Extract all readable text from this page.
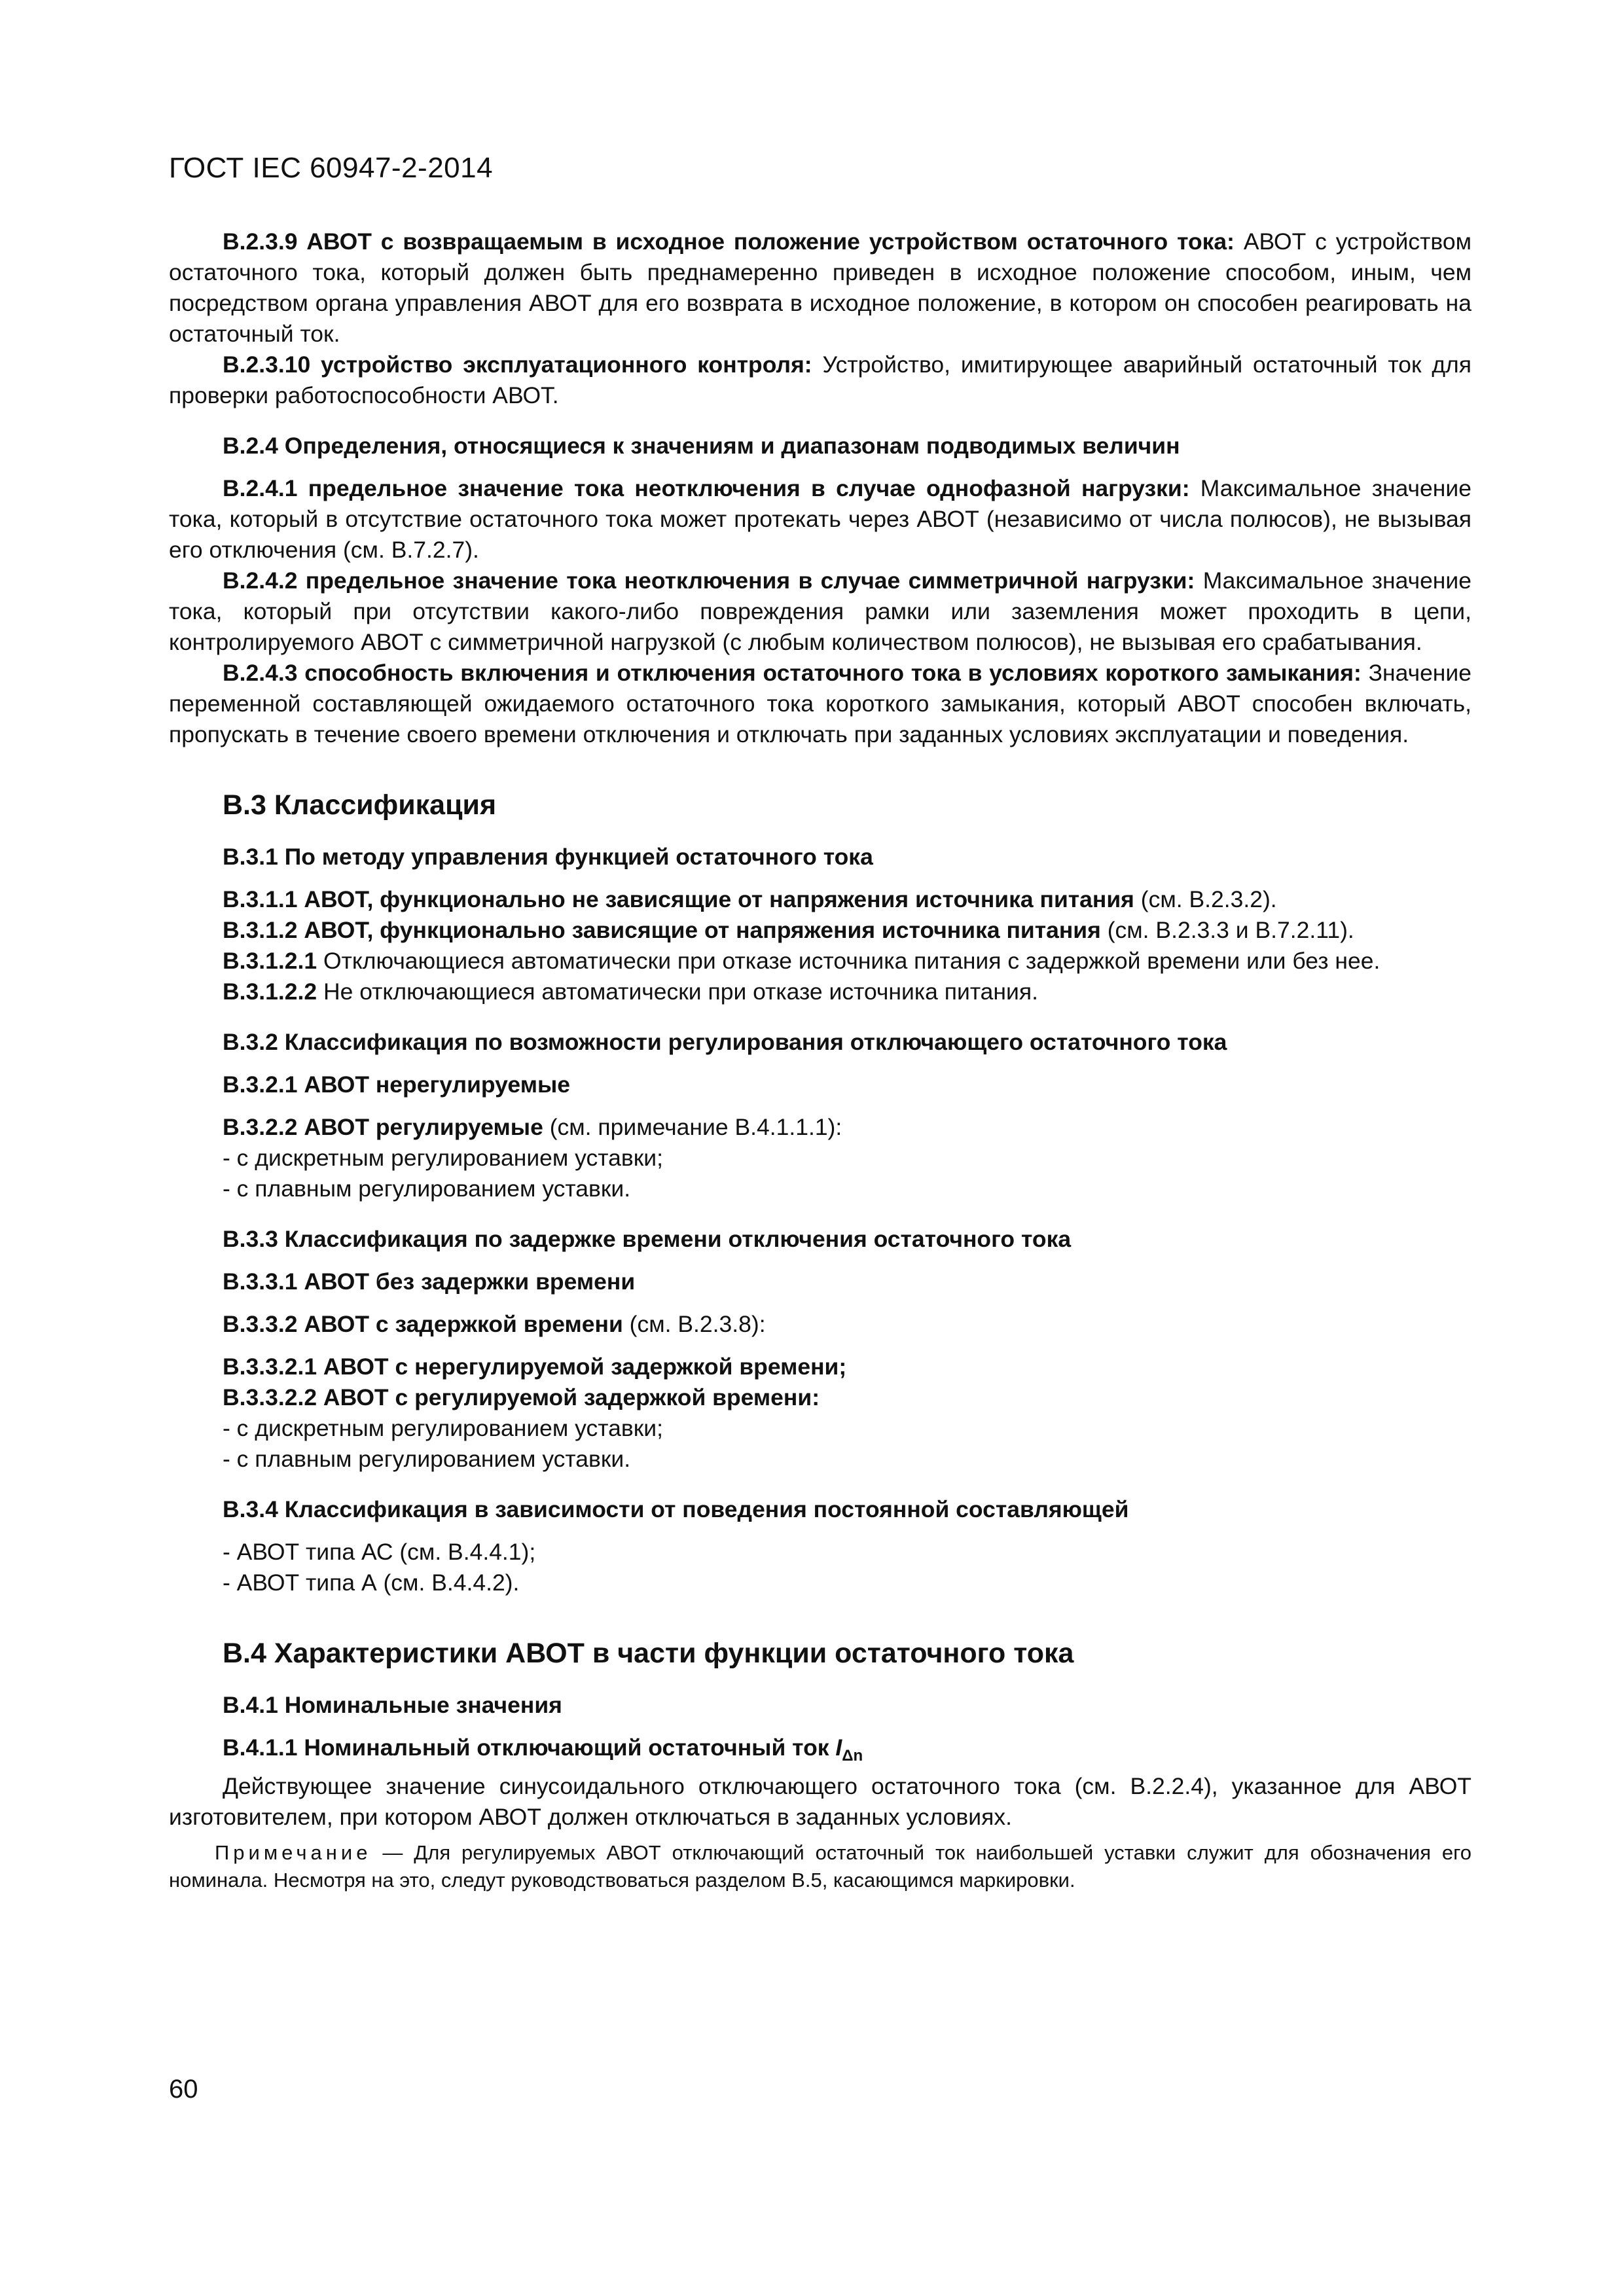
ГОСТ IEC 60947-2-2014

B.2.3.9 АВОТ с возвращаемым в исходное положение устройством остаточного тока: АВОТ с устройством остаточного тока, который должен быть преднамеренно приведен в исходное положение способом, иным, чем посредством органа управления АВОТ для его возврата в исходное положение, в котором он способен реагировать на остаточный ток.

B.2.3.10 устройство эксплуатационного контроля: Устройство, имитирующее аварийный остаточный ток для проверки работоспособности АВОТ.

B.2.4 Определения, относящиеся к значениям и диапазонам подводимых величин

B.2.4.1 предельное значение тока неотключения в случае однофазной нагрузки: Максимальное значение тока, который в отсутствие остаточного тока может протекать через АВОТ (независимо от числа полюсов), не вызывая его отключения (см. B.7.2.7).

B.2.4.2 предельное значение тока неотключения в случае симметричной нагрузки: Максимальное значение тока, который при отсутствии какого-либо повреждения рамки или заземления может проходить в цепи, контролируемого АВОТ с симметричной нагрузкой (с любым количеством полюсов), не вызывая его срабатывания.

B.2.4.3 способность включения и отключения остаточного тока в условиях короткого замыкания: Значение переменной составляющей ожидаемого остаточного тока короткого замыкания, который АВОТ способен включать, пропускать в течение своего времени отключения и отключать при заданных условиях эксплуатации и поведения.

B.3 Классификация

B.3.1 По методу управления функцией остаточного тока

B.3.1.1 АВОТ, функционально не зависящие от напряжения источника питания (см. B.2.3.2).

B.3.1.2 АВОТ, функционально зависящие от напряжения источника питания (см. B.2.3.3 и B.7.2.11).

B.3.1.2.1 Отключающиеся автоматически при отказе источника питания с задержкой времени или без нее.

B.3.1.2.2 Не отключающиеся автоматически при отказе источника питания.

B.3.2 Классификация по возможности регулирования отключающего остаточного тока

B.3.2.1 АВОТ нерегулируемые

B.3.2.2 АВОТ регулируемые (см. примечание B.4.1.1.1):

- с дискретным регулированием уставки;

- с плавным регулированием уставки.

B.3.3 Классификация по задержке времени отключения остаточного тока

B.3.3.1 АВОТ без задержки времени

B.3.3.2 АВОТ с задержкой времени (см. B.2.3.8):

B.3.3.2.1 АВОТ с нерегулируемой задержкой времени;

B.3.3.2.2 АВОТ с регулируемой задержкой времени:

- с дискретным регулированием уставки;

- с плавным регулированием уставки.

B.3.4 Классификация в зависимости от поведения постоянной составляющей

- АВОТ типа АС (см. B.4.4.1);

- АВОТ типа А (см. B.4.4.2).

B.4 Характеристики АВОТ в части функции остаточного тока

B.4.1 Номинальные значения

B.4.1.1 Номинальный отключающий остаточный ток $I_{\Delta n}$

Действующее значение синусоидального отключающего остаточного тока (см. B.2.2.4), указанное для АВОТ изготовителем, при котором АВОТ должен отключаться в заданных условиях.

Примечание — Для регулируемых АВОТ отключающий остаточный ток наибольшей уставки служит для обозначения его номинала. Несмотря на это, следут руководствоваться разделом B.5, касающимся маркировки.

60
